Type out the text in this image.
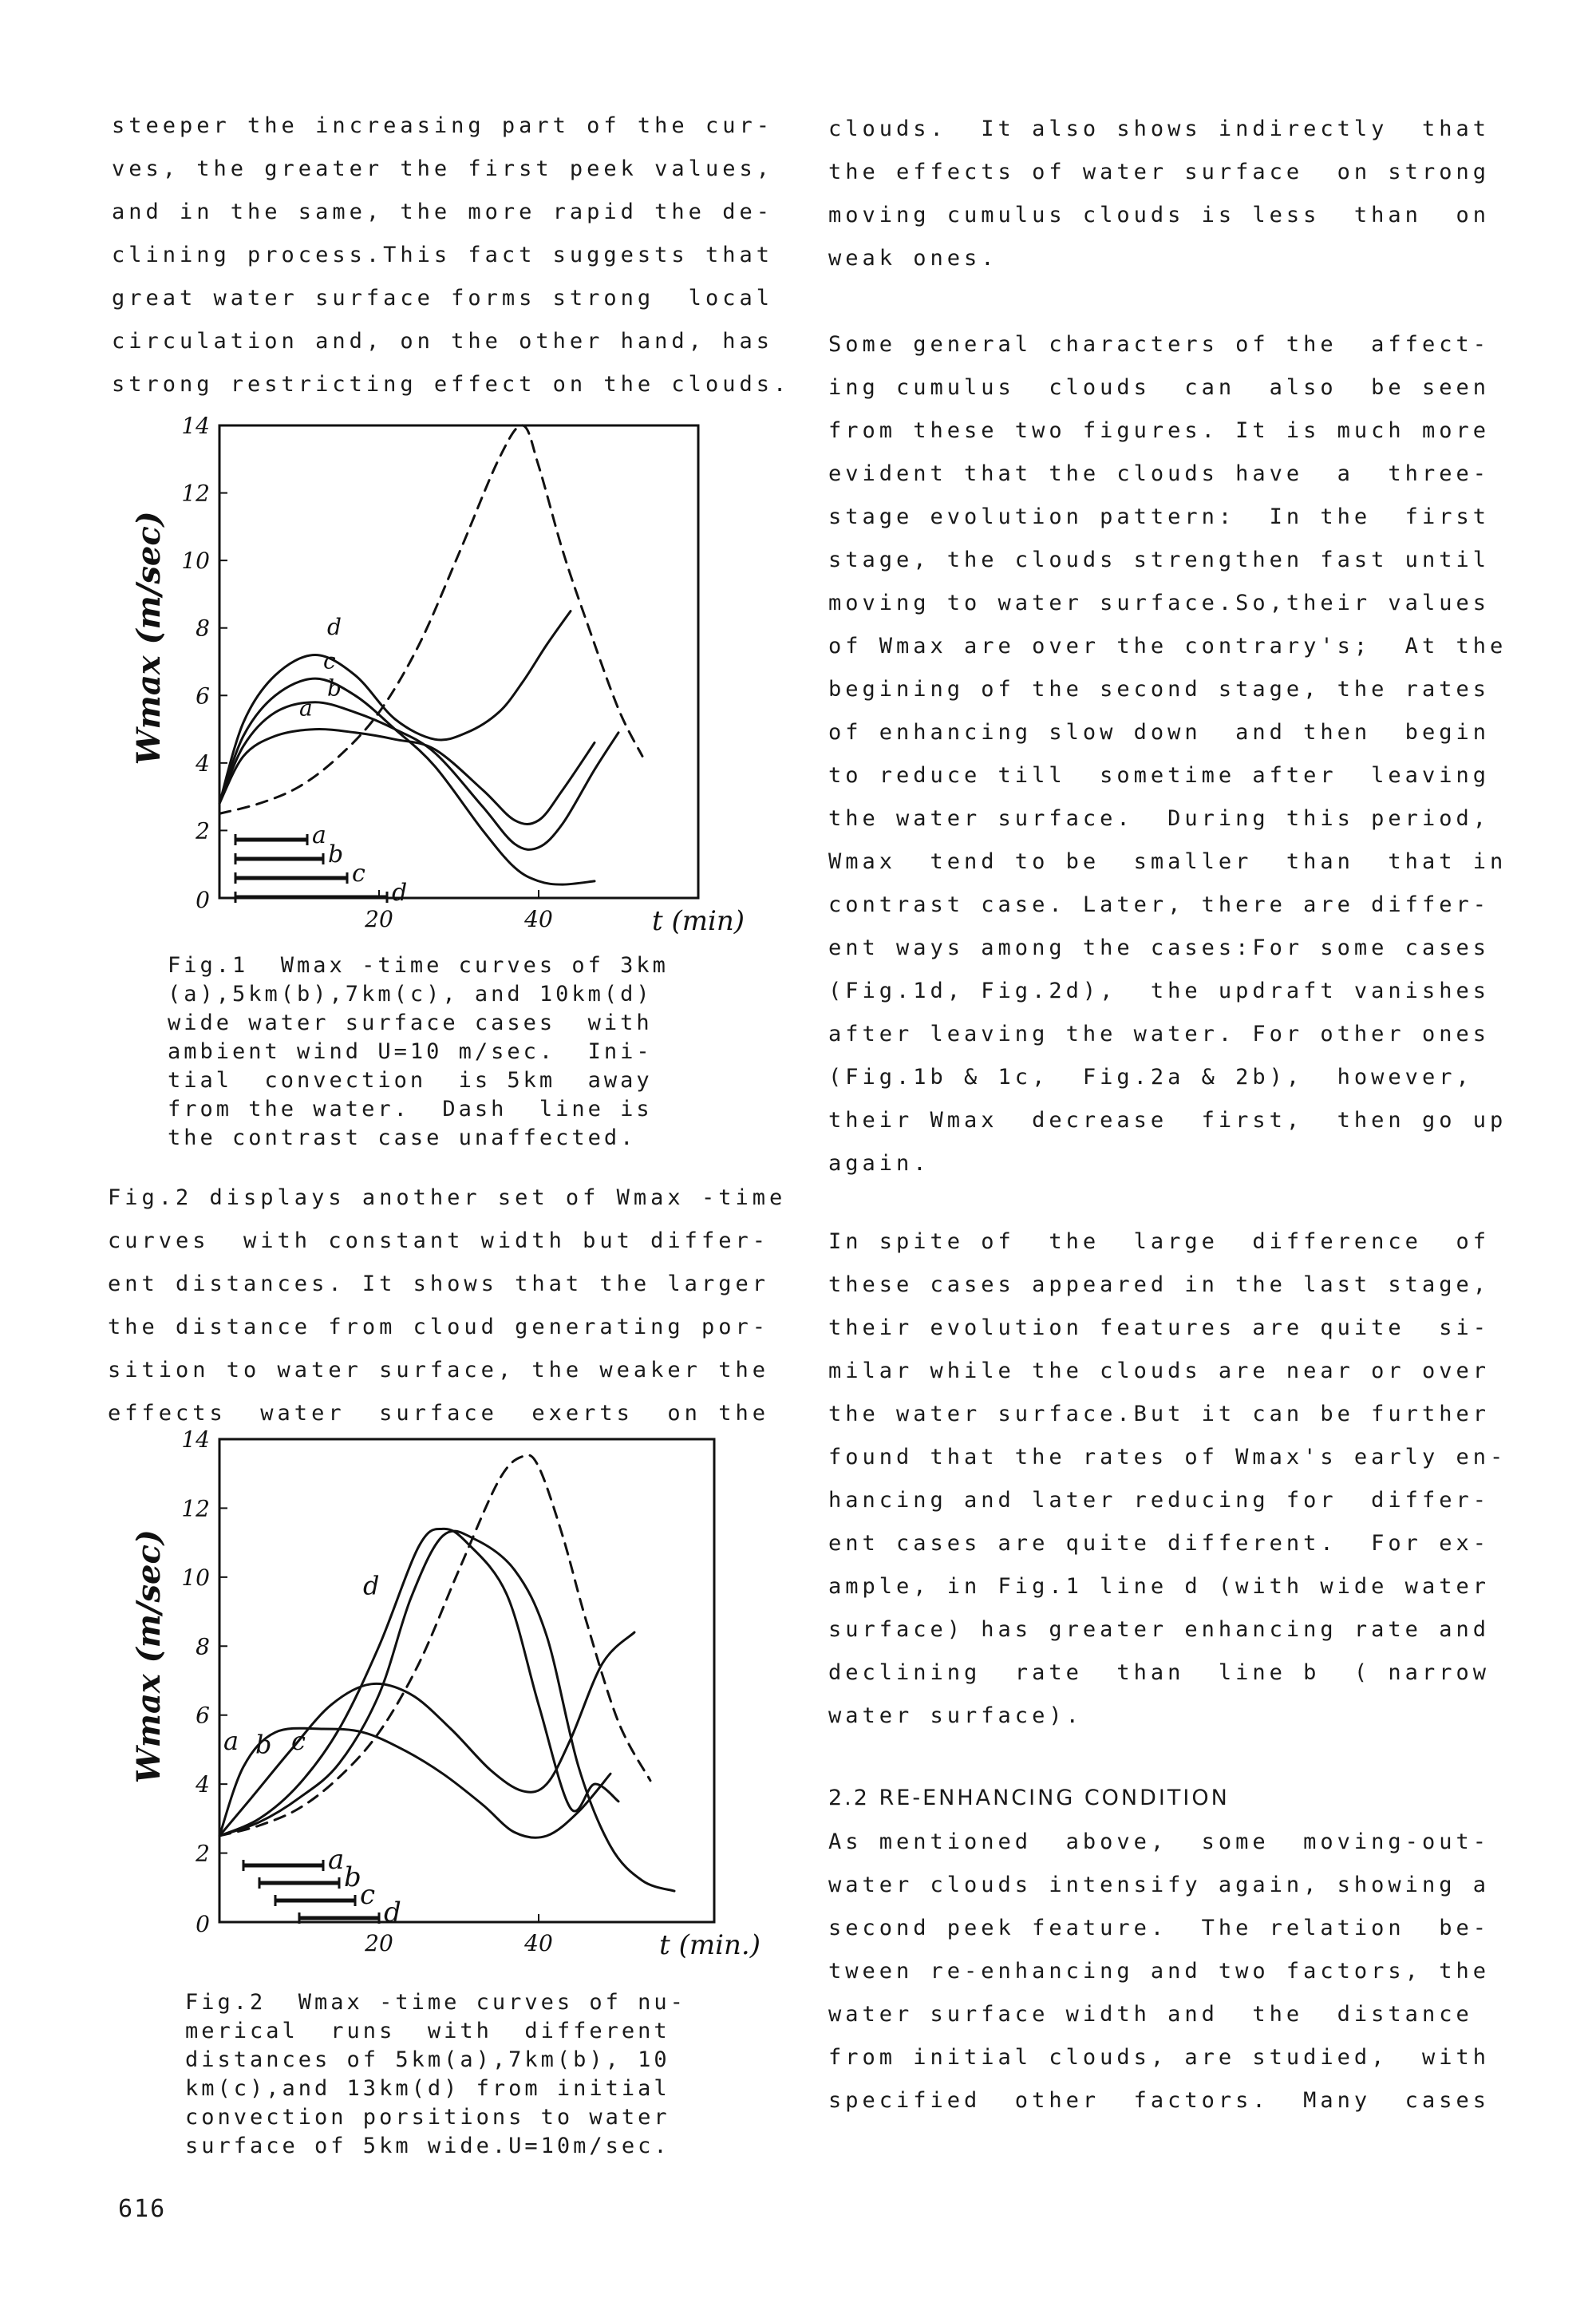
steeper the increasing part of the cur-
ves, the greater the first peek values,
and in the same, the more rapid the de-
clining process.This fact suggests that
great water surface forms strong  local
circulation and, on the other hand, has
strong restricting effect on the clouds.
2
4
6
8
10
12
14
0
20	40	t (min)
Wmax (m/sec)
a
b
c
d
a
b
c
d
Fig.1  Wmax -time curves of 3km
(a),5km(b),7km(c), and 10km(d)
wide water surface cases  with
ambient wind U=10 m/sec.  Ini-
tial  convection  is 5km  away
from the water.  Dash  line is
the contrast case unaffected.
Fig.2 displays another set of Wmax -time
curves  with constant width but differ-
ent distances. It shows that the larger
the distance from cloud generating por-
sition to water surface, the weaker the
effects  water  surface  exerts  on the
2
4
6
8
10
12
14
0
20	40	t (min.)
Wmax (m/sec)
a
b
c
d
a b c
d
Fig.2  Wmax -time curves of nu-
merical  runs  with  different
distances of 5km(a),7km(b), 10
km(c),and 13km(d) from initial
convection porsitions to water
surface of 5km wide.U=10m/sec.
616
clouds.  It also shows indirectly  that
the effects of water surface  on strong
moving cumulus clouds is less  than  on
weak ones.
Some general characters of the  affect-
ing cumulus  clouds  can  also  be seen
from these two figures. It is much more
evident that the clouds have  a  three-
stage evolution pattern:  In the  first
stage, the clouds strengthen fast until
moving to water surface.So,their values
of Wmax are over the contrary's;  At the
begining of the second stage, the rates
of enhancing slow down  and then  begin
to reduce till  sometime after  leaving
the water surface.  During this period,
Wmax  tend to be  smaller  than  that in
contrast case. Later, there are differ-
ent ways among the cases:For some cases
(Fig.1d, Fig.2d),  the updraft vanishes
after leaving the water. For other ones
(Fig.1b & 1c,  Fig.2a & 2b),  however,
their Wmax  decrease  first,  then go up
again.
In spite of  the  large  difference  of
these cases appeared in the last stage,
their evolution features are quite  si-
milar while the clouds are near or over
the water surface.But it can be further
found that the rates of Wmax's early en-
hancing and later reducing for  differ-
ent cases are quite different.  For ex-
ample, in Fig.1 line d (with wide water
surface) has greater enhancing rate and
declining  rate  than  line b  ( narrow
water surface).
2.2 RE-ENHANCING CONDITION
As mentioned  above,  some  moving-out-
water clouds intensify again, showing a
second peek feature.  The relation  be-
tween re-enhancing and two factors, the
water surface width and  the  distance
from initial clouds, are studied,  with
specified  other  factors.  Many  cases
